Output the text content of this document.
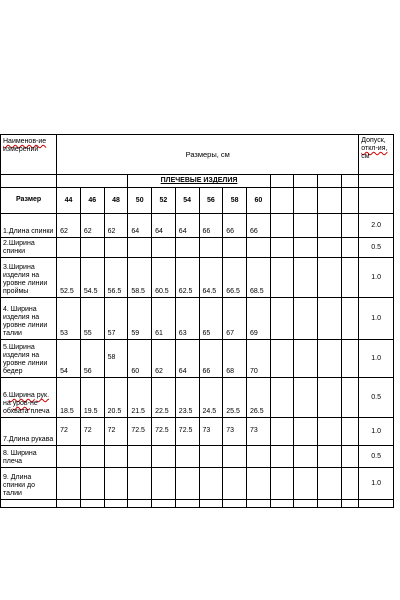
Наименов-ие
измерений	Размеры, см													Допуск,
откл-ия,
см
				ПЛЕЧЕВЫЕ ИЗДЕЛИЯ										
Размер	44	46	48	50	52	54	56	58	60					
1.Длина спинки	62	62	62	64	64	64	66	66	66					2.0
2.Ширина спинки														0.5
3.Ширина изделия на уровне линии проймы	52.5	54.5	56.5	58.5	60.5	62.5	64.5	66.5	68.5					1.0
4. Ширина изделия на уровне линии талии	53	55	57	59	61	63	65	67	69					1.0
5.Ширина изделия на уровне линии бедер	54	56	58	60	62	64	66	68	70					1.0
6.Ширина рук. на уров-не обхвата плеча	18.5	19.5	20.5	21.5	22.5	23.5	24.5	25.5	26.5					0.5
7.Длина рукава	72	72	72	72.5	72.5	72.5	73	73	73					1.0
8. Ширина плеча														0.5
9. Длина спинки до талии														1.0
